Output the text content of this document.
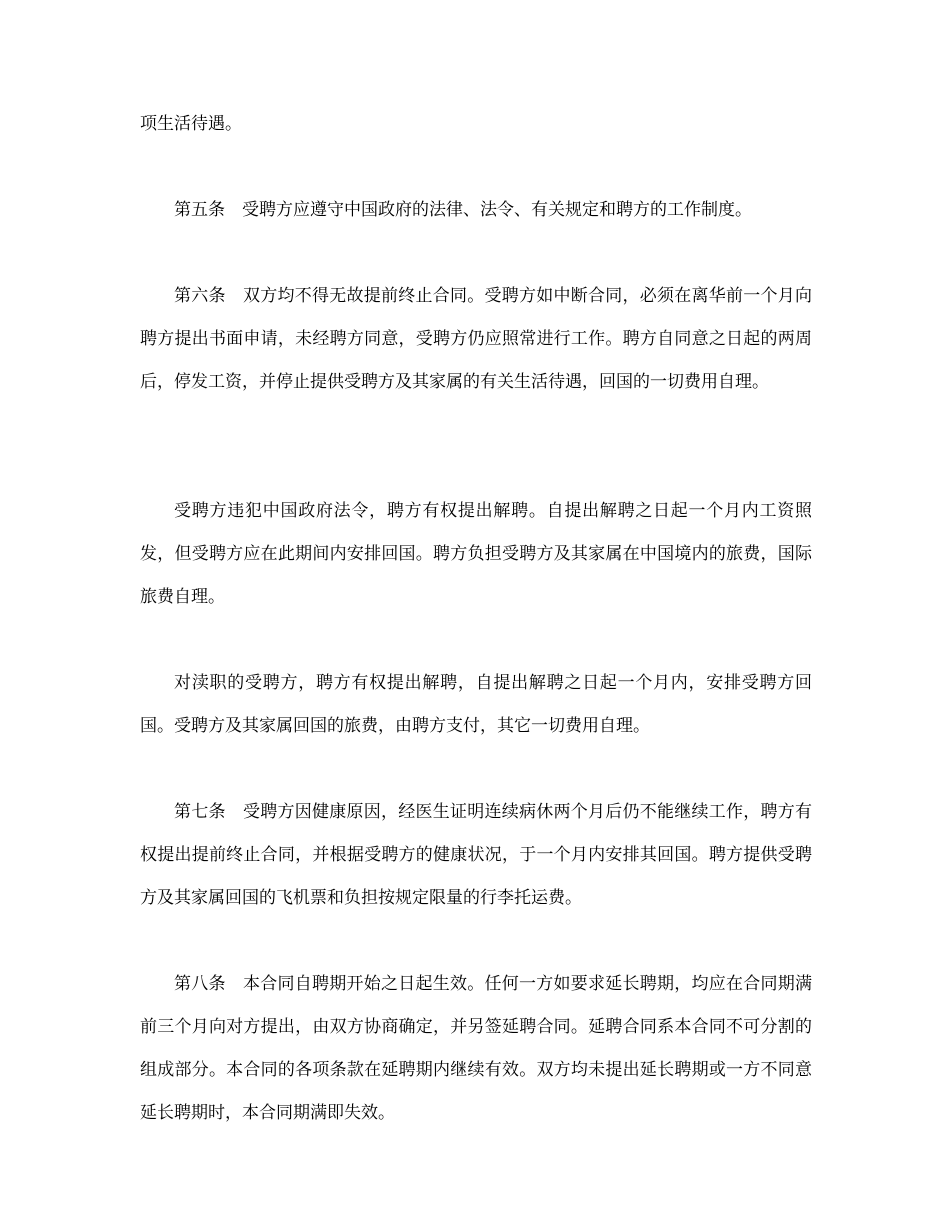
项生活待遇。

第五条　受聘方应遵守中国政府的法律、法令、有关规定和聘方的工作制度。

第六条　双方均不得无故提前终止合同。受聘方如中断合同，必须在离华前一个月向聘方提出书面申请，未经聘方同意，受聘方仍应照常进行工作。聘方自同意之日起的两周后，停发工资，并停止提供受聘方及其家属的有关生活待遇，回国的一切费用自理。

受聘方违犯中国政府法令，聘方有权提出解聘。自提出解聘之日起一个月内工资照发，但受聘方应在此期间内安排回国。聘方负担受聘方及其家属在中国境内的旅费，国际旅费自理。

对渎职的受聘方，聘方有权提出解聘，自提出解聘之日起一个月内，安排受聘方回国。受聘方及其家属回国的旅费，由聘方支付，其它一切费用自理。

第七条　受聘方因健康原因，经医生证明连续病休两个月后仍不能继续工作，聘方有权提出提前终止合同，并根据受聘方的健康状况，于一个月内安排其回国。聘方提供受聘方及其家属回国的飞机票和负担按规定限量的行李托运费。

第八条　本合同自聘期开始之日起生效。任何一方如要求延长聘期，均应在合同期满前三个月向对方提出，由双方协商确定，并另签延聘合同。延聘合同系本合同不可分割的组成部分。本合同的各项条款在延聘期内继续有效。双方均未提出延长聘期或一方不同意延长聘期时，本合同期满即失效。
